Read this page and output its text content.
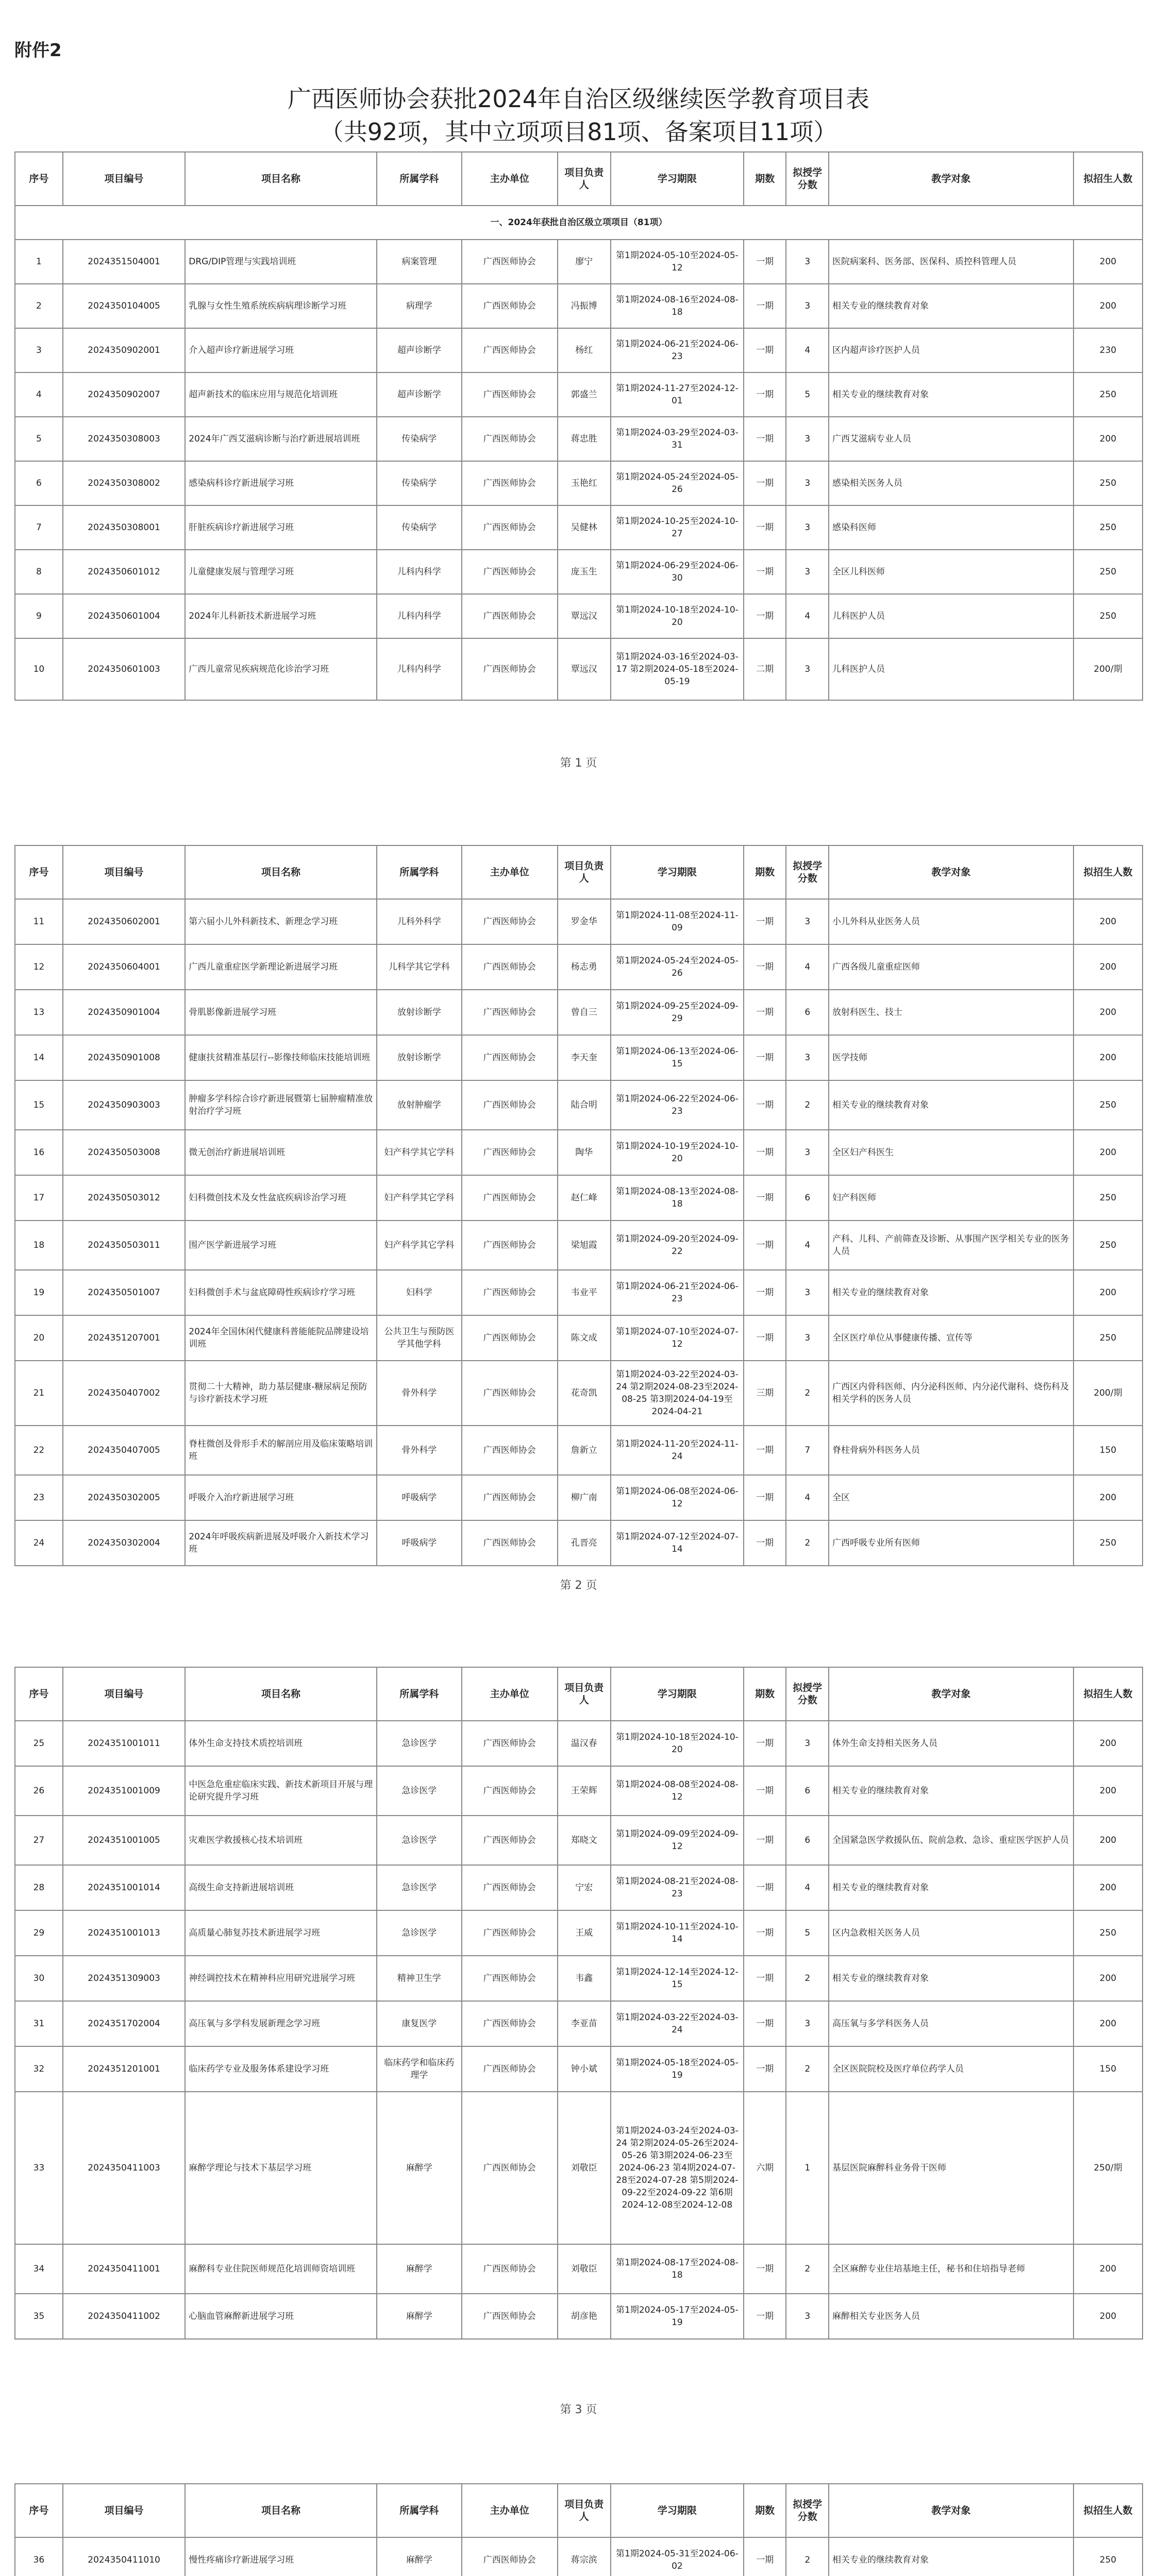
附件2
广西医师协会获批2024年自治区级继续医学教育项目表
（共92项，其中立项项目81项、备案项目11项）
序号	项目编号	项目名称	所属学科	主办单位	项目负责人	学习期限	期数	拟授学分数	教学对象	拟招生人数
一、2024年获批自治区级立项项目（81项）										
1	2024351504001	DRG/DIP管理与实践培训班	病案管理	广西医师协会	廖宁	第1期2024-05-10至2024-05-12	一期	3	医院病案科、医务部、医保科、质控科管理人员	200
2	2024350104005	乳腺与女性生殖系统疾病病理诊断学习班	病理学	广西医师协会	冯振博	第1期2024-08-16至2024-08-18	一期	3	相关专业的继续教育对象	200
3	2024350902001	介入超声诊疗新进展学习班	超声诊断学	广西医师协会	杨红	第1期2024-06-21至2024-06-23	一期	4	区内超声诊疗医护人员	230
4	2024350902007	超声新技术的临床应用与规范化培训班	超声诊断学	广西医师协会	郭盛兰	第1期2024-11-27至2024-12-01	一期	5	相关专业的继续教育对象	250
5	2024350308003	2024年广西艾滋病诊断与治疗新进展培训班	传染病学	广西医师协会	蒋忠胜	第1期2024-03-29至2024-03-31	一期	3	广西艾滋病专业人员	200
6	2024350308002	感染病科诊疗新进展学习班	传染病学	广西医师协会	玉艳红	第1期2024-05-24至2024-05-26	一期	3	感染相关医务人员	250
7	2024350308001	肝脏疾病诊疗新进展学习班	传染病学	广西医师协会	吴健林	第1期2024-10-25至2024-10-27	一期	3	感染科医师	250
8	2024350601012	儿童健康发展与管理学习班	儿科内科学	广西医师协会	庞玉生	第1期2024-06-29至2024-06-30	一期	3	全区儿科医师	250
9	2024350601004	2024年儿科新技术新进展学习班	儿科内科学	广西医师协会	覃远汉	第1期2024-10-18至2024-10-20	一期	4	儿科医护人员	250
10	2024350601003	广西儿童常见疾病规范化诊治学习班	儿科内科学	广西医师协会	覃远汉	第1期2024-03-16至2024-03-17 第2期2024-05-18至2024-05-19	二期	3	儿科医护人员	200/期
第 1 页
序号	项目编号	项目名称	所属学科	主办单位	项目负责人	学习期限	期数	拟授学分数	教学对象	拟招生人数
11	2024350602001	第六届小儿外科新技术、新理念学习班	儿科外科学	广西医师协会	罗金华	第1期2024-11-08至2024-11-09	一期	3	小儿外科从业医务人员	200
12	2024350604001	广西儿童重症医学新理论新进展学习班	儿科学其它学科	广西医师协会	杨志勇	第1期2024-05-24至2024-05-26	一期	4	广西各级儿童重症医师	200
13	2024350901004	骨肌影像新进展学习班	放射诊断学	广西医师协会	曾自三	第1期2024-09-25至2024-09-29	一期	6	放射科医生、技士	200
14	2024350901008	健康扶贫精准基层行--影像技师临床技能培训班	放射诊断学	广西医师协会	李天奎	第1期2024-06-13至2024-06-15	一期	3	医学技师	200
15	2024350903003	肿瘤多学科综合诊疗新进展暨第七届肿瘤精准放射治疗学习班	放射肿瘤学	广西医师协会	陆合明	第1期2024-06-22至2024-06-23	一期	2	相关专业的继续教育对象	250
16	2024350503008	微无创治疗新进展培训班	妇产科学其它学科	广西医师协会	陶华	第1期2024-10-19至2024-10-20	一期	3	全区妇产科医生	200
17	2024350503012	妇科微创技术及女性盆底疾病诊治学习班	妇产科学其它学科	广西医师协会	赵仁峰	第1期2024-08-13至2024-08-18	一期	6	妇产科医师	250
18	2024350503011	围产医学新进展学习班	妇产科学其它学科	广西医师协会	梁旭霞	第1期2024-09-20至2024-09-22	一期	4	产科、儿科、产前筛查及诊断、从事围产医学相关专业的医务人员	250
19	2024350501007	妇科微创手术与盆底障碍性疾病诊疗学习班	妇科学	广西医师协会	韦业平	第1期2024-06-21至2024-06-23	一期	3	相关专业的继续教育对象	200
20	2024351207001	2024年全国休闲代健康科普能能院品牌建设培训班	公共卫生与预防医学其他学科	广西医师协会	陈文成	第1期2024-07-10至2024-07-12	一期	3	全区医疗单位从事健康传播、宣传等	250
21	2024350407002	贯彻二十大精神，助力基层健康-糖尿病足预防与诊疗新技术学习班	骨外科学	广西医师协会	花奇凯	第1期2024-03-22至2024-03-24 第2期2024-08-23至2024-08-25 第3期2024-04-19至2024-04-21	三期	2	广西区内骨科医师、内分泌科医师、内分泌代谢科、烧伤科及相关学科的医务人员	200/期
22	2024350407005	脊柱微创及骨形手术的解剖应用及临床策略培训班	骨外科学	广西医师协会	詹新立	第1期2024-11-20至2024-11-24	一期	7	脊柱骨病外科医务人员	150
23	2024350302005	呼吸介入治疗新进展学习班	呼吸病学	广西医师协会	柳广南	第1期2024-06-08至2024-06-12	一期	4	全区	200
24	2024350302004	2024年呼吸疾病新进展及呼吸介入新技术学习班	呼吸病学	广西医师协会	孔晋亮	第1期2024-07-12至2024-07-14	一期	2	广西呼吸专业所有医师	250
第 2 页
序号	项目编号	项目名称	所属学科	主办单位	项目负责人	学习期限	期数	拟授学分数	教学对象	拟招生人数
25	2024351001011	体外生命支持技术质控培训班	急诊医学	广西医师协会	温汉春	第1期2024-10-18至2024-10-20	一期	3	体外生命支持相关医务人员	200
26	2024351001009	中医急危重症临床实践、新技术新项目开展与理论研究提升学习班	急诊医学	广西医师协会	王荣辉	第1期2024-08-08至2024-08-12	一期	6	相关专业的继续教育对象	200
27	2024351001005	灾难医学救援核心技术培训班	急诊医学	广西医师协会	郑晓文	第1期2024-09-09至2024-09-12	一期	6	全国紧急医学救援队伍、院前急救、急诊、重症医学医护人员	200
28	2024351001014	高级生命支持新进展培训班	急诊医学	广西医师协会	宁宏	第1期2024-08-21至2024-08-23	一期	4	相关专业的继续教育对象	200
29	2024351001013	高质量心肺复苏技术新进展学习班	急诊医学	广西医师协会	王威	第1期2024-10-11至2024-10-14	一期	5	区内急救相关医务人员	250
30	2024351309003	神经调控技术在精神科应用研究进展学习班	精神卫生学	广西医师协会	韦鑫	第1期2024-12-14至2024-12-15	一期	2	相关专业的继续教育对象	200
31	2024351702004	高压氧与多学科发展新理念学习班	康复医学	广西医师协会	李亚苗	第1期2024-03-22至2024-03-24	一期	3	高压氧与多学科医务人员	200
32	2024351201001	临床药学专业及服务体系建设学习班	临床药学和临床药理学	广西医师协会	钟小斌	第1期2024-05-18至2024-05-19	一期	2	全区医院院校及医疗单位药学人员	150
33	2024350411003	麻醉学理论与技术下基层学习班	麻醉学	广西医师协会	刘敬臣	第1期2024-03-24至2024-03-24 第2期2024-05-26至2024-05-26 第3期2024-06-23至2024-06-23 第4期2024-07-28至2024-07-28 第5期2024-09-22至2024-09-22 第6期2024-12-08至2024-12-08	六期	1	基层医院麻醉科业务骨干医师	250/期
34	2024350411001	麻醉科专业住院医师规范化培训师资培训班	麻醉学	广西医师协会	刘敬臣	第1期2024-08-17至2024-08-18	一期	2	全区麻醉专业住培基地主任，秘书和住培指导老师	200
35	2024350411002	心脑血管麻醉新进展学习班	麻醉学	广西医师协会	胡彦艳	第1期2024-05-17至2024-05-19	一期	3	麻醉相关专业医务人员	200
第 3 页
序号	项目编号	项目名称	所属学科	主办单位	项目负责人	学习期限	期数	拟授学分数	教学对象	拟招生人数
36	2024350411010	慢性疼痛诊疗新进展学习班	麻醉学	广西医师协会	蒋宗滨	第1期2024-05-31至2024-06-02	一期	2	相关专业的继续教育对象	250
